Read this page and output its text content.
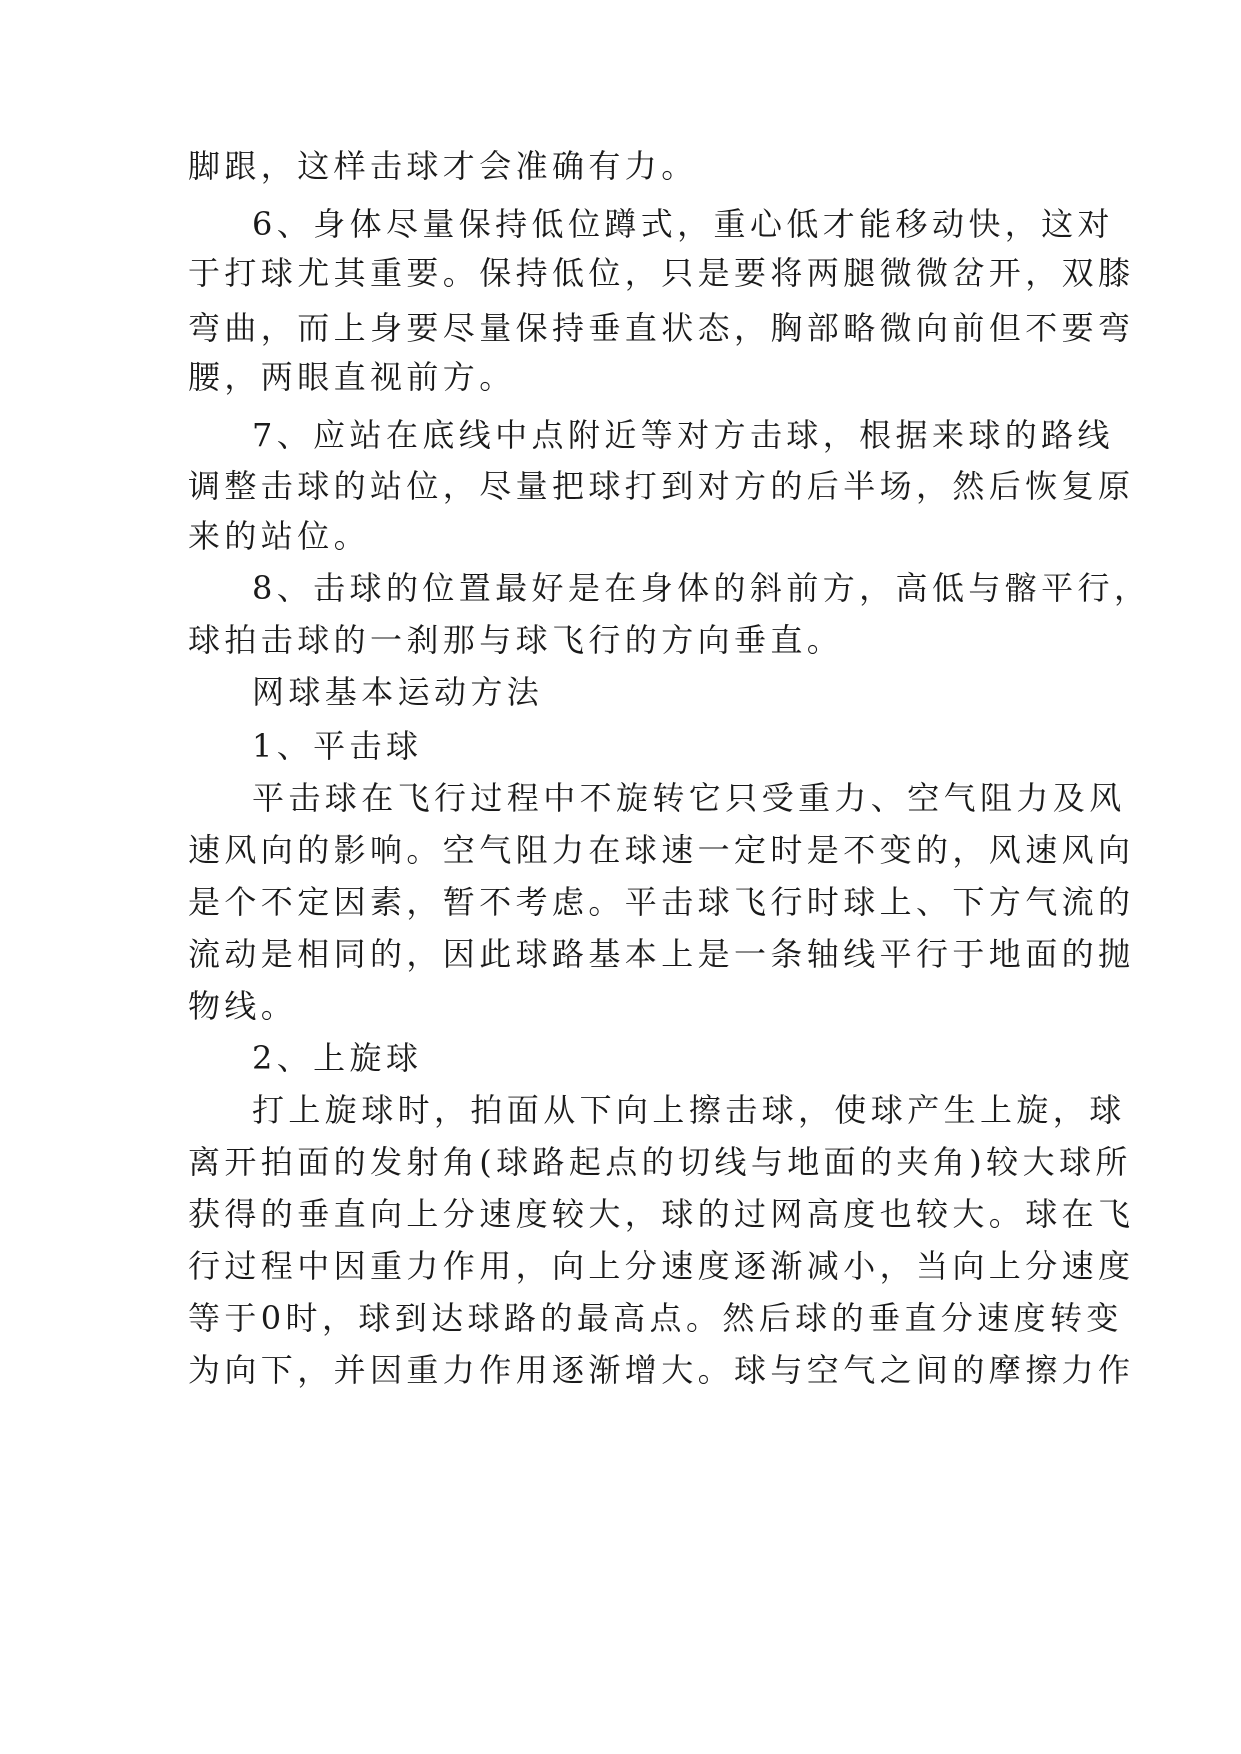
脚跟，这样击球才会准确有力。
6、身体尽量保持低位蹲式，重心低才能移动快，这对
于打球尤其重要。保持低位，只是要将两腿微微岔开，双膝
弯曲，而上身要尽量保持垂直状态，胸部略微向前但不要弯
腰，两眼直视前方。
7、应站在底线中点附近等对方击球，根据来球的路线
调整击球的站位，尽量把球打到对方的后半场，然后恢复原
来的站位。
8、击球的位置最好是在身体的斜前方，高低与髂平行，
球拍击球的一刹那与球飞行的方向垂直。
网球基本运动方法
1、平击球
平击球在飞行过程中不旋转它只受重力、空气阻力及风
速风向的影响。空气阻力在球速一定时是不变的，风速风向
是个不定因素，暂不考虑。平击球飞行时球上、下方气流的
流动是相同的，因此球路基本上是一条轴线平行于地面的抛
物线。
2、上旋球
打上旋球时，拍面从下向上擦击球，使球产生上旋，球
离开拍面的发射角(球路起点的切线与地面的夹角)较大球所
获得的垂直向上分速度较大，球的过网高度也较大。球在飞
行过程中因重力作用，向上分速度逐渐减小，当向上分速度
等于0时，球到达球路的最高点。然后球的垂直分速度转变
为向下，并因重力作用逐渐增大。球与空气之间的摩擦力作
